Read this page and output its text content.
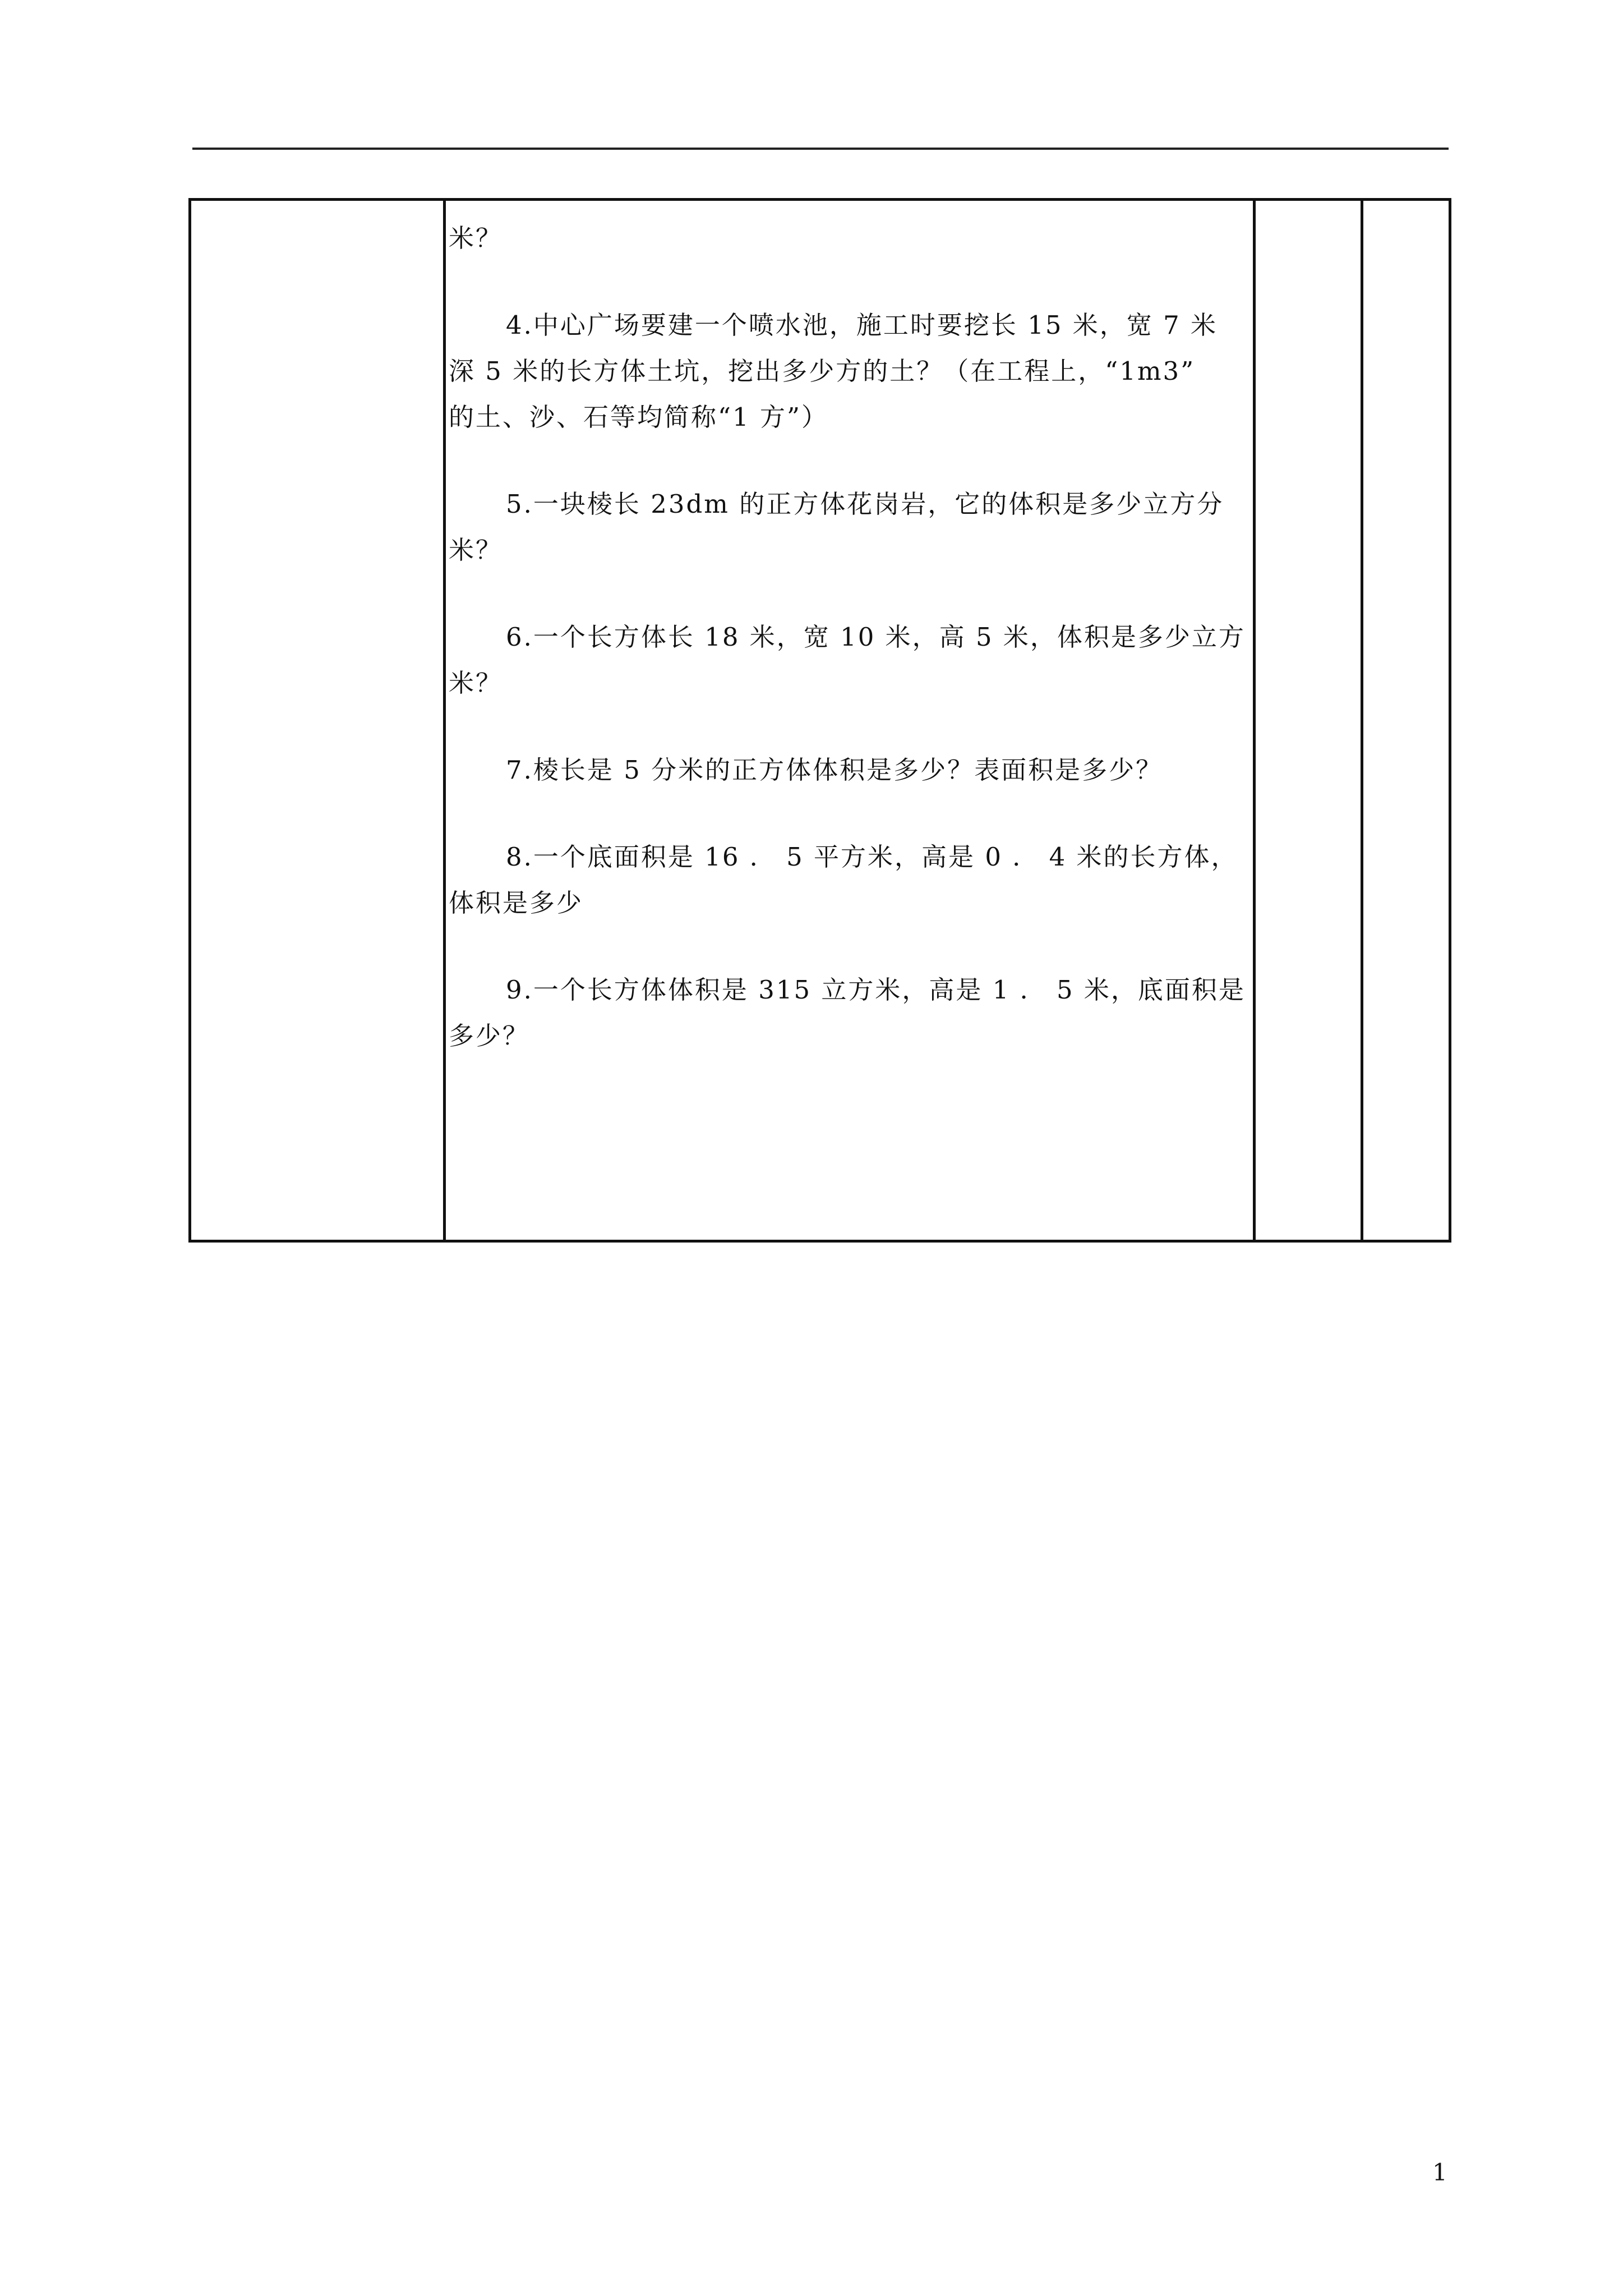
米？

4.中心广场要建一个喷水池，施工时要挖长 15 米，宽 7 米

深 5 米的长方体土坑，挖出多少方的土？（在工程上，“1m3”

的土、沙、石等均简称“1 方”）

5.一块棱长 23dm 的正方体花岗岩，它的体积是多少立方分

米？

6.一个长方体长 18 米，宽 10 米，高 5 米，体积是多少立方

米？

7.棱长是 5 分米的正方体体积是多少？表面积是多少？

8.一个底面积是 16 ． 5 平方米，高是 0 ． 4 米的长方体，

体积是多少

9.一个长方体体积是 315 立方米，高是 1 ． 5 米，底面积是

多少？

1
